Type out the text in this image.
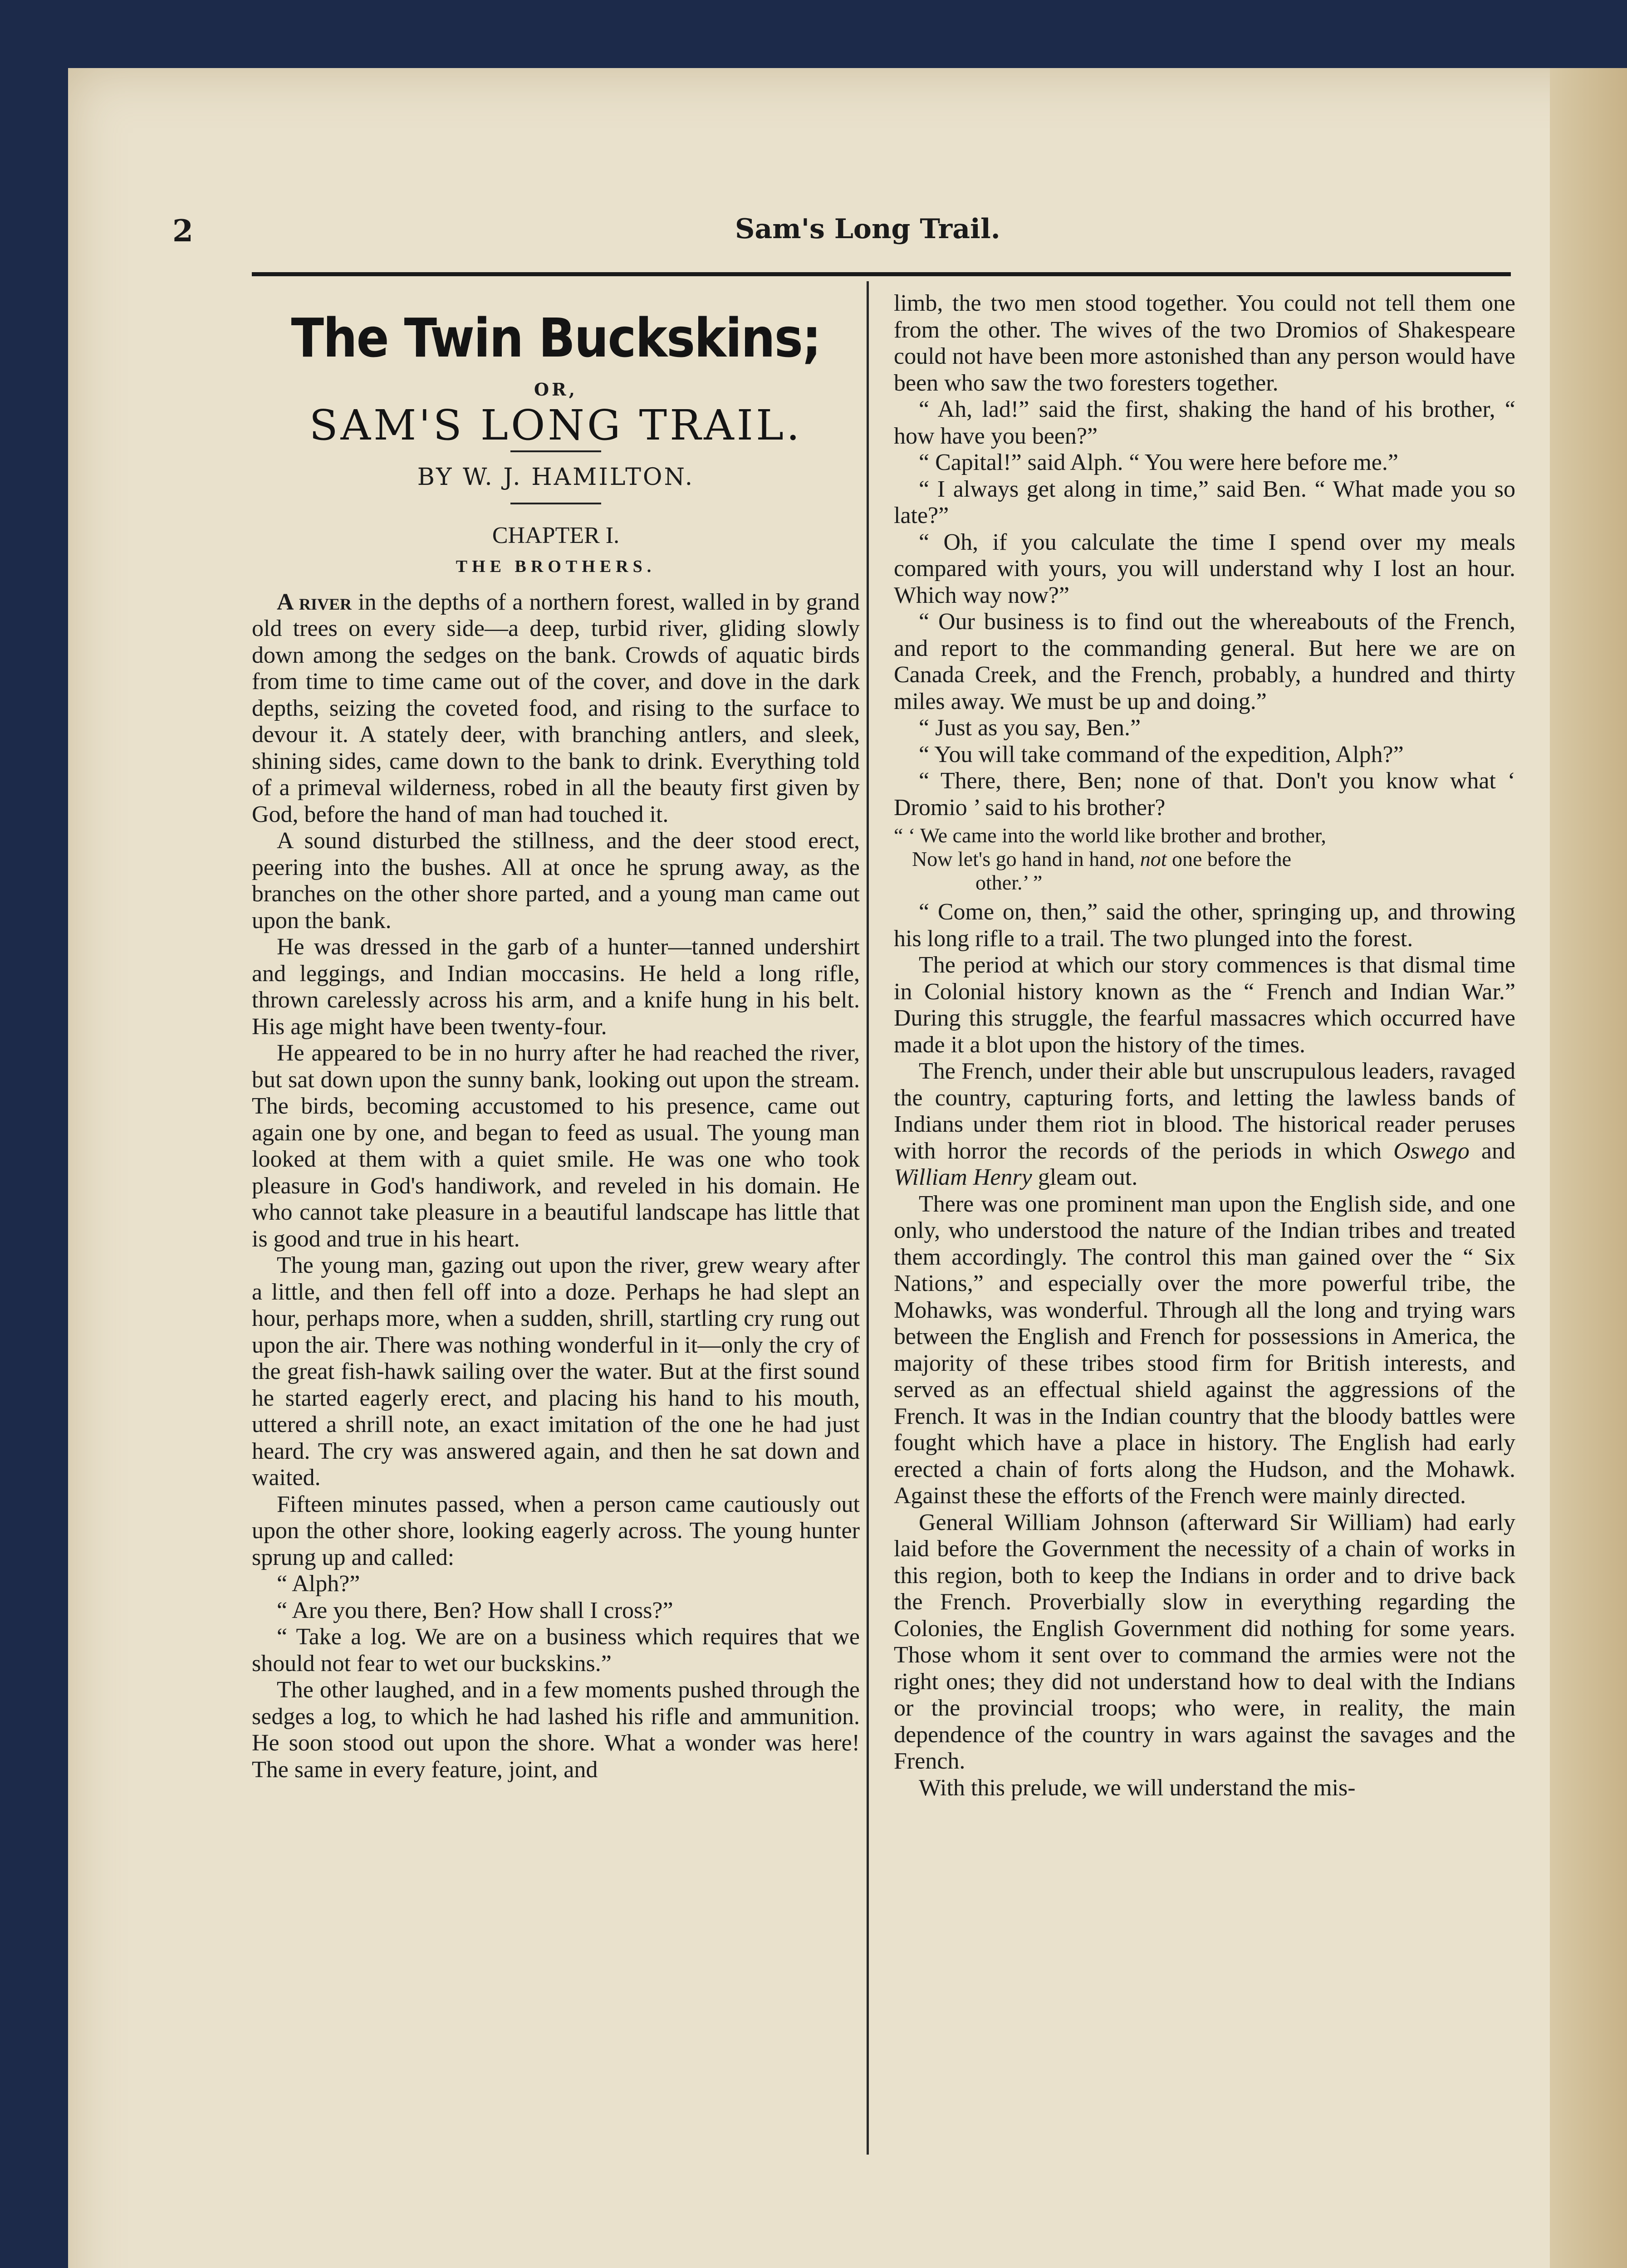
2	Sam's Long Trail.
The Twin Buckskins;
OR,
SAM'S LONG TRAIL.
BY W. J. HAMILTON.
CHAPTER I.
THE BROTHERS.

A river in the depths of a northern forest, walled in by grand old trees on every side—a deep, turbid river, gliding slowly down among the sedges on the bank. Crowds of aquatic birds from time to time came out of the cover, and dove in the dark depths, seizing the coveted food, and rising to the surface to devour it. A stately deer, with branching antlers, and sleek, shining sides, came down to the bank to drink. Everything told of a primeval wilderness, robed in all the beauty first given by God, before the hand of man had touched it.

A sound disturbed the stillness, and the deer stood erect, peering into the bushes. All at once he sprung away, as the branches on the other shore parted, and a young man came out upon the bank.

He was dressed in the garb of a hunter—tanned undershirt and leggings, and Indian moccasins. He held a long rifle, thrown carelessly across his arm, and a knife hung in his belt. His age might have been twenty-four.

He appeared to be in no hurry after he had reached the river, but sat down upon the sunny bank, looking out upon the stream. The birds, becoming accustomed to his presence, came out again one by one, and began to feed as usual. The young man looked at them with a quiet smile. He was one who took pleasure in God's handiwork, and reveled in his domain. He who cannot take pleasure in a beautiful landscape has little that is good and true in his heart.

The young man, gazing out upon the river, grew weary after a little, and then fell off into a doze. Perhaps he had slept an hour, perhaps more, when a sudden, shrill, startling cry rung out upon the air. There was nothing wonderful in it—only the cry of the great fish-hawk sailing over the water. But at the first sound he started eagerly erect, and placing his hand to his mouth, uttered a shrill note, an exact imitation of the one he had just heard. The cry was answered again, and then he sat down and waited.

Fifteen minutes passed, when a person came cautiously out upon the other shore, looking eagerly across. The young hunter sprung up and called:

“ Alph?”

“ Are you there, Ben? How shall I cross?”

“ Take a log. We are on a business which requires that we should not fear to wet our buckskins.”

The other laughed, and in a few moments pushed through the sedges a log, to which he had lashed his rifle and ammunition. He soon stood out upon the shore. What a wonder was here! The same in every feature, joint, and

limb, the two men stood together. You could not tell them one from the other. The wives of the two Dromios of Shakespeare could not have been more astonished than any person would have been who saw the two foresters together.

“ Ah, lad!” said the first, shaking the hand of his brother, “ how have you been?”

“ Capital!” said Alph. “ You were here before me.”

“ I always get along in time,” said Ben. “ What made you so late?”

“ Oh, if you calculate the time I spend over my meals compared with yours, you will understand why I lost an hour. Which way now?”

“ Our business is to find out the whereabouts of the French, and report to the commanding general. But here we are on Canada Creek, and the French, probably, a hundred and thirty miles away. We must be up and doing.”

“ Just as you say, Ben.”

“ You will take command of the expedition, Alph?”

“ There, there, Ben; none of that. Don't you know what ‘ Dromio ’ said to his brother?

“ ‘ We came into the world like brother and brother,
Now let's go hand in hand, not one before the
other.’ ”

“ Come on, then,” said the other, springing up, and throwing his long rifle to a trail. The two plunged into the forest.

The period at which our story commences is that dismal time in Colonial history known as the “ French and Indian War.” During this struggle, the fearful massacres which occurred have made it a blot upon the history of the times.

The French, under their able but unscrupulous leaders, ravaged the country, capturing forts, and letting the lawless bands of Indians under them riot in blood. The historical reader peruses with horror the records of the periods in which Oswego and William Henry gleam out.

There was one prominent man upon the English side, and one only, who understood the nature of the Indian tribes and treated them accordingly. The control this man gained over the “ Six Nations,” and especially over the more powerful tribe, the Mohawks, was wonderful. Through all the long and trying wars between the English and French for possessions in America, the majority of these tribes stood firm for British interests, and served as an effectual shield against the aggressions of the French. It was in the Indian country that the bloody battles were fought which have a place in history. The English had early erected a chain of forts along the Hudson, and the Mohawk. Against these the efforts of the French were mainly directed.

General William Johnson (afterward Sir William) had early laid before the Government the necessity of a chain of works in this region, both to keep the Indians in order and to drive back the French. Proverbially slow in everything regarding the Colonies, the English Government did nothing for some years. Those whom it sent over to command the armies were not the right ones; they did not understand how to deal with the Indians or the provincial troops; who were, in reality, the main dependence of the country in wars against the savages and the French.

With this prelude, we will understand the mis-
